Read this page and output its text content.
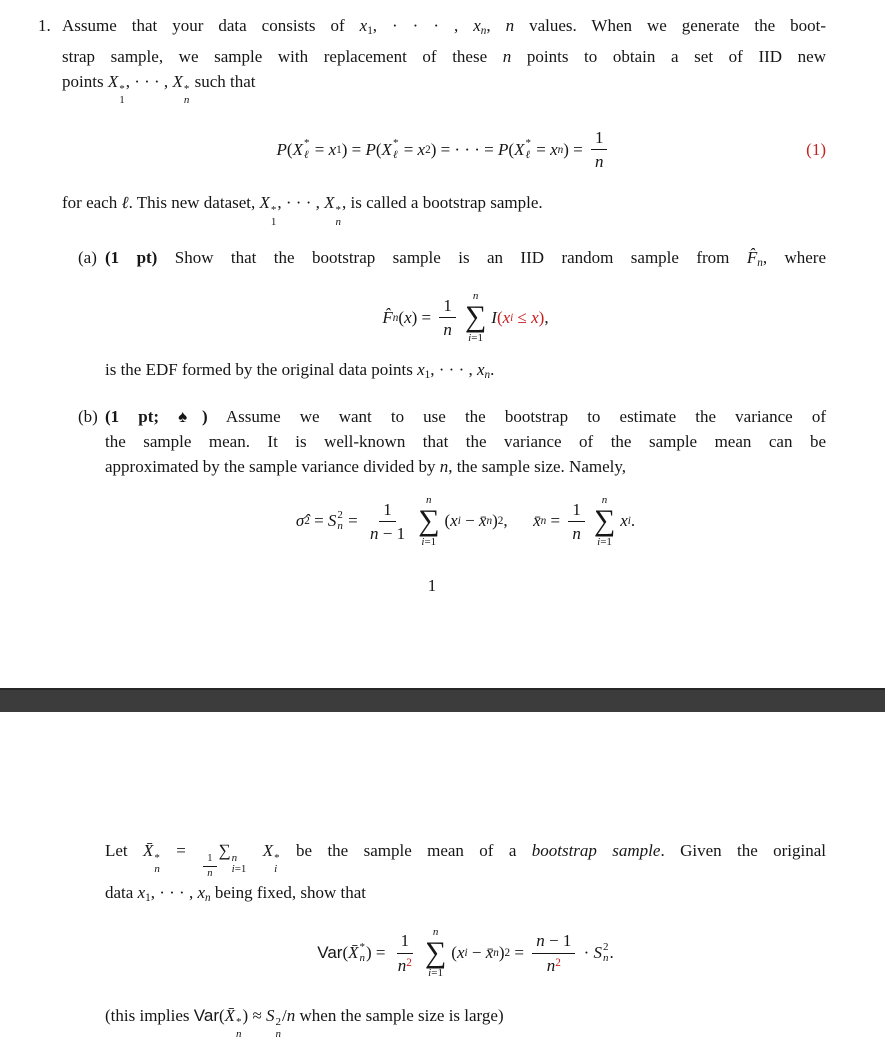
1. Assume that your data consists of x1, · · · , xn, n values. When we generate the boot-
strap sample, we sample with replacement of these n points to obtain a set of IID new
points X *
1
, · · · , X *
n
such that
P ( X *
ℓ = x 1 ) = P ( X *
ℓ = x 2 ) = · · · = P ( X *
ℓ = x n ) = $\frac{1}{n}$	(1)
for each ℓ. This new dataset, X *
1
, · · · , X *
n
, is called a bootstrap sample.
(a) (1 pt) Show that the bootstrap sample is an IID random sample from F̂n, where
F̂ n ( x ) = $\frac{1}{n}$ n
∑
i=1
I ( x i ≤ x ) ,
is the EDF formed by the original data points x1, · · · , xn.
(b) (1 pt; ♠) Assume we want to use the bootstrap to estimate the variance of
the sample mean. It is well-known that the variance of the sample mean can be
approximated by the sample variance divided by n, the sample size. Namely,
σ̂ 2 = S 2
$n = \frac{1}{n - 1}$ n
∑
i=1
( x i − x̄ n ) 2 ,   x̄ $n = \frac{1}{n}$ n
∑
i=1
x i .
1
Let X̄ *
n
=
$\frac{1}{n}$
∑ n
i=1
X *
i
be the sample mean of a bootstrap sample. Given the original
data x1, · · · , xn being fixed, show that
Var ( X̄ *
n ) = $\frac{1}{n^2}$ n
∑
i=1
( x i − x̄ n ) $2 = \frac{n - 1}{n^2} \cdot S$ 2
n .
(this implies Var(X̄ *
n
) ≈ S 2
n
/n when the sample size is large)
